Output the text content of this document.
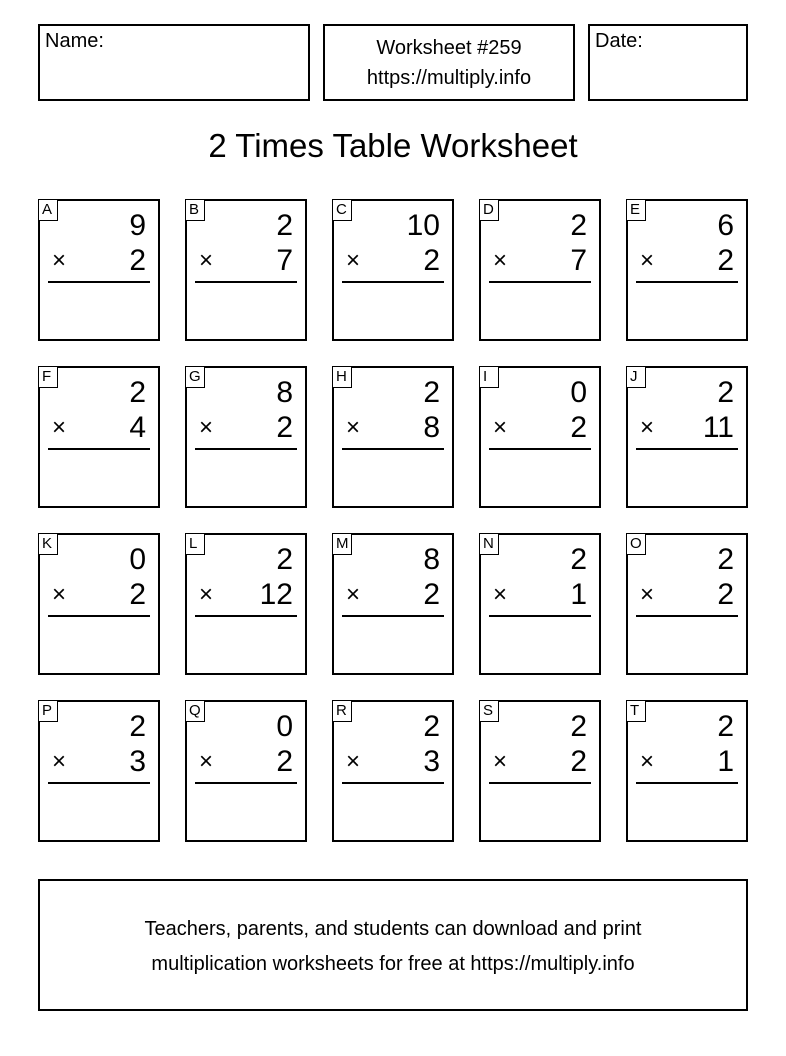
Name:	Worksheet #259
https://multiply.info
Date:
2 Times Table Worksheet
A	9
× 2
B	2
× 7
C 10
× 2
D	2
× 7
E	6
× 2
F	2
× 4
G	8
× 2
H	2
× 8
I	0
× 2
J	2
× 11
K	0
× 2
L	2
× 12
M 8
× 2
N	2
× 1
O	2
× 2
P	2
× 3
Q	0
× 2
R	2
× 3
S	2
× 2
T	2
× 1
Teachers, parents, and students can download and print
multiplication worksheets for free at https://multiply.info
